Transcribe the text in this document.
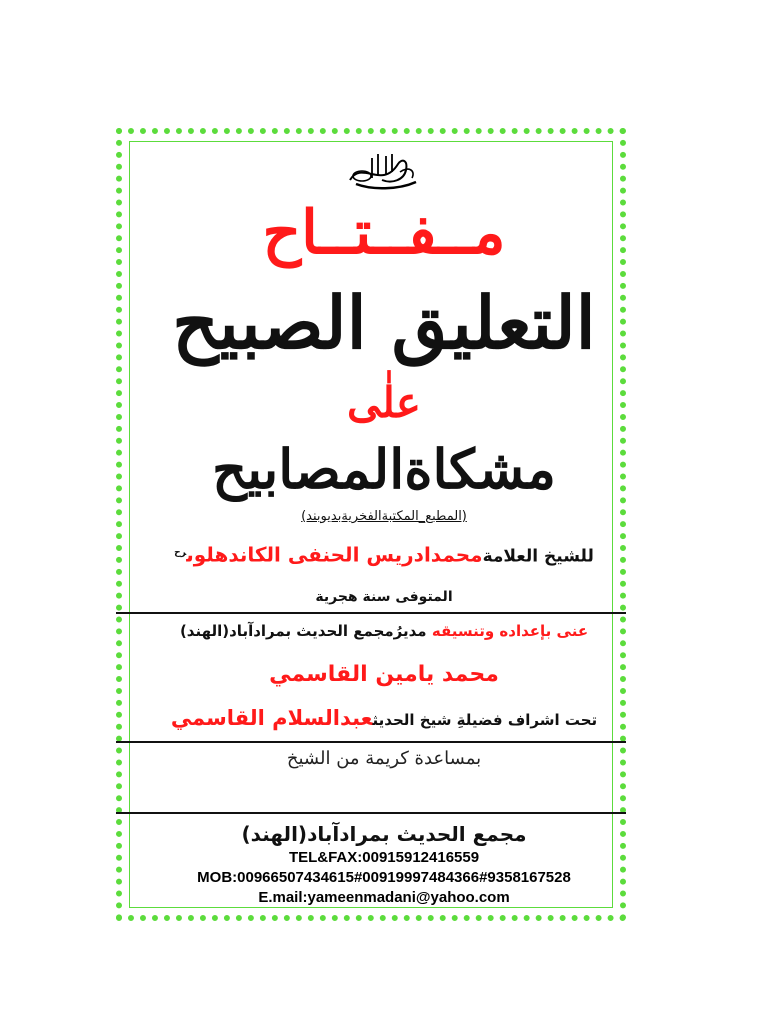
مــفــتــاح
التعليق الصبيح
علٰى
مشكاةالمصابيح
(المطبع_المكتبةالفخريةبديوبند)
للشيخ العلامةمحمدادريس الحنفى الكاندهلوى$^{رح}$
المتوفى سنة هجرية
عنى بإعداده وتنسيقه مديرُمجمع الحديث بمرادآباد(الهند)
محمد يامين القاسمي
تحت اشراف فضيلةِ شيخ الحديثعبدالسلام القاسمي
بمساعدة كريمة من الشيخ
مجمع الحديث بمرادآباد(الهند)
TEL&FAX:00915912416559
MOB:00966507434615#00919997484366#9358167528
E.mail:yameenmadani@yahoo.com
